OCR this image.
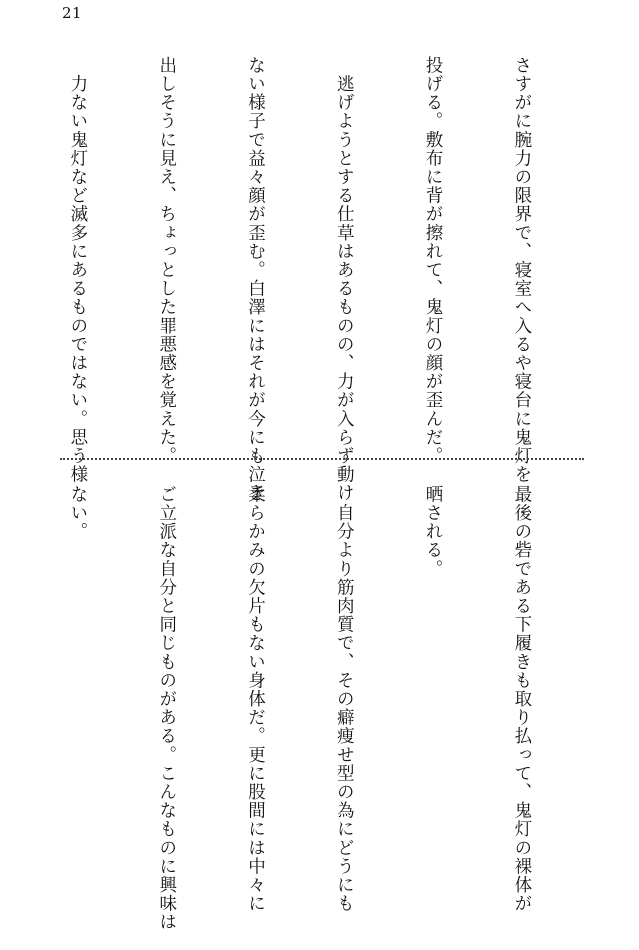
21

さすがに腕力の限界で、寝室へ入るや寝台に鬼灯を

投げる。敷布に背が擦れて、鬼灯の顔が歪んだ。

　逃げようとする仕草はあるものの、力が入らず動け

ない様子で益々顔が歪む。白澤にはそれが今にも泣き

出しそうに見え、ちょっとした罪悪感を覚えた。

　力ない鬼灯など滅多にあるものではない。思う様

最後の砦である下履きも取り払って、鬼灯の裸体が

晒される。

　自分より筋肉質で、その癖痩せ型の為にどうにも

柔らかみの欠片もない身体だ。更に股間には中々に

ご立派な自分と同じものがある。こんなものに興味は

ない。
